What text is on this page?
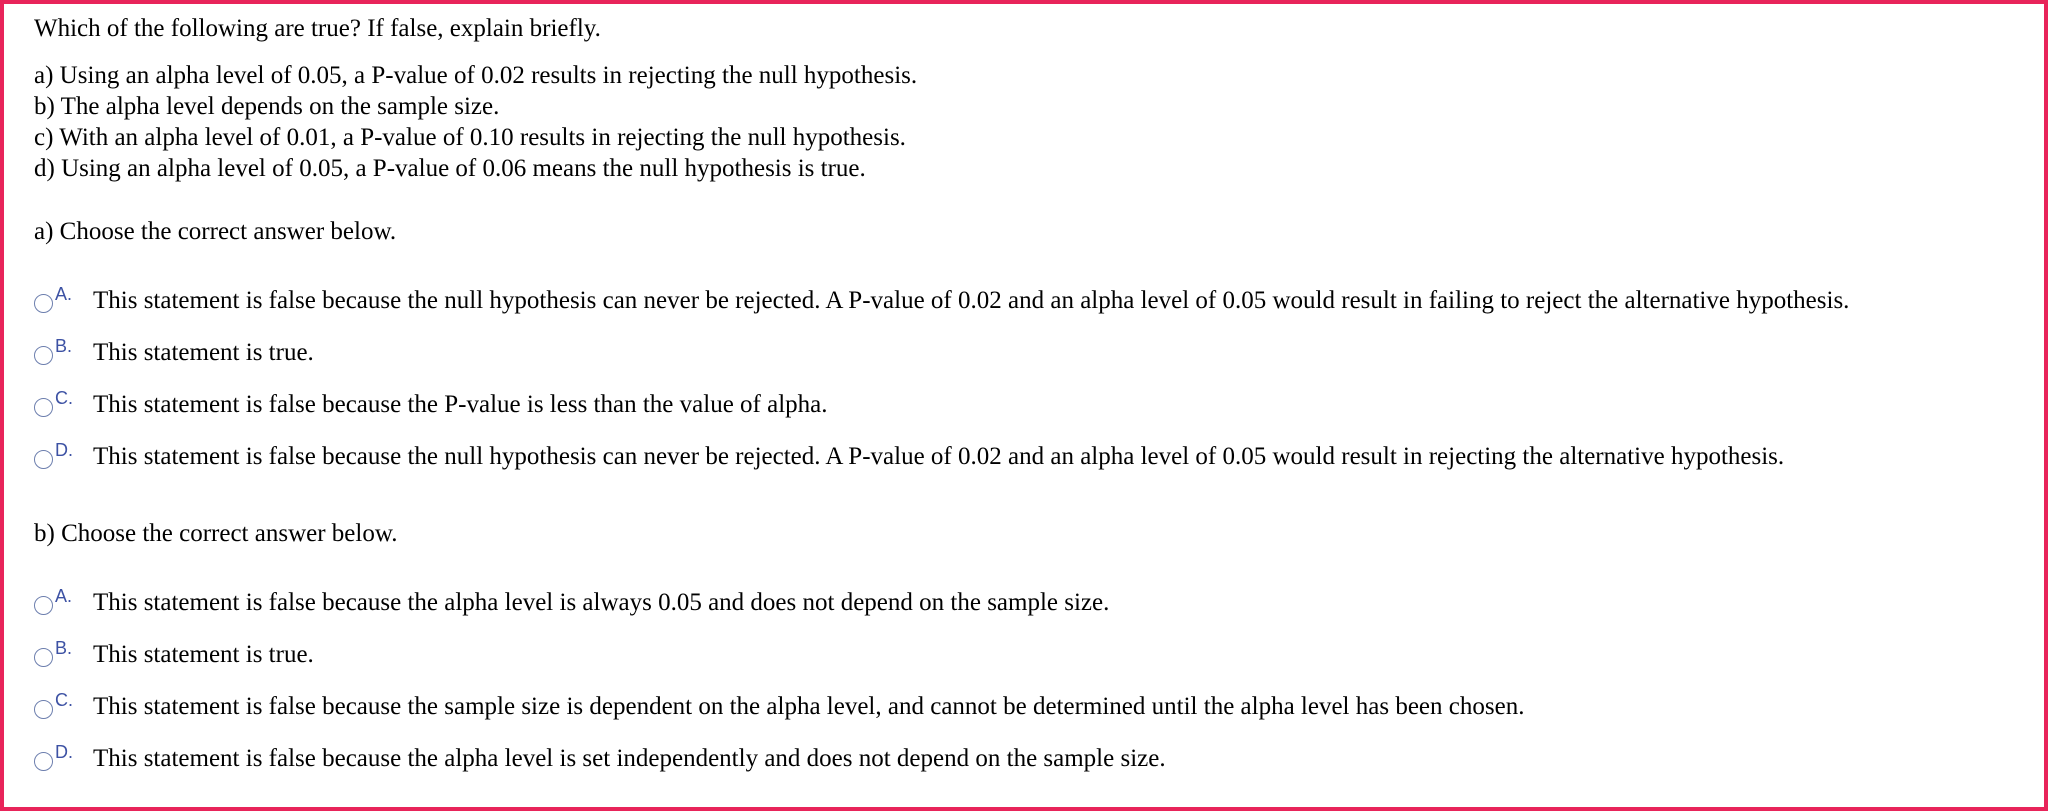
Which of the following are true? If false, explain briefly.
a) Using an alpha level of 0.05, a P-value of 0.02 results in rejecting the null hypothesis.
b) The alpha level depends on the sample size.
c) With an alpha level of 0.01, a P-value of 0.10 results in rejecting the null hypothesis.
d) Using an alpha level of 0.05, a P-value of 0.06 means the null hypothesis is true.
a) Choose the correct answer below.
A. This statement is false because the null hypothesis can never be rejected. A P-value of 0.02 and an alpha level of 0.05 would result in failing to reject the alternative hypothesis.
B. This statement is true.
C. This statement is false because the P-value is less than the value of alpha.
D. This statement is false because the null hypothesis can never be rejected. A P-value of 0.02 and an alpha level of 0.05 would result in rejecting the alternative hypothesis.
b) Choose the correct answer below.
A. This statement is false because the alpha level is always 0.05 and does not depend on the sample size.
B. This statement is true.
C. This statement is false because the sample size is dependent on the alpha level, and cannot be determined until the alpha level has been chosen.
D. This statement is false because the alpha level is set independently and does not depend on the sample size.
